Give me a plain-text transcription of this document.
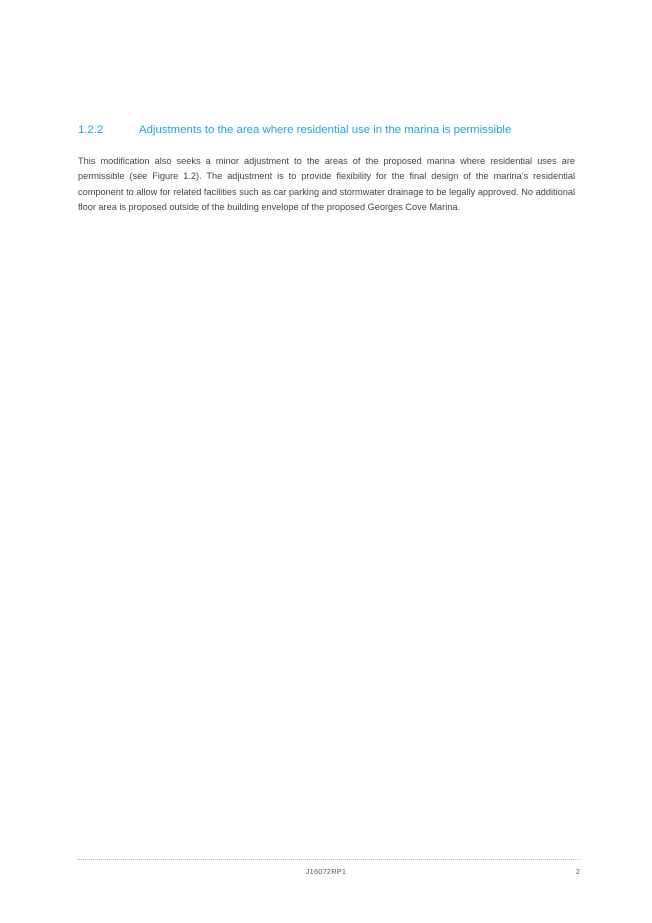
1.2.2	Adjustments to the area where residential use in the marina is permissible

This modification also seeks a minor adjustment to the areas of the proposed marina where residential uses are permissible (see Figure 1.2). The adjustment is to provide flexibility for the final design of the marina’s residential component to allow for related facilities such as car parking and stormwater drainage to be legally approved. No additional floor area is proposed outside of the building envelope of the proposed Georges Cove Marina.

J16072RP1	2
